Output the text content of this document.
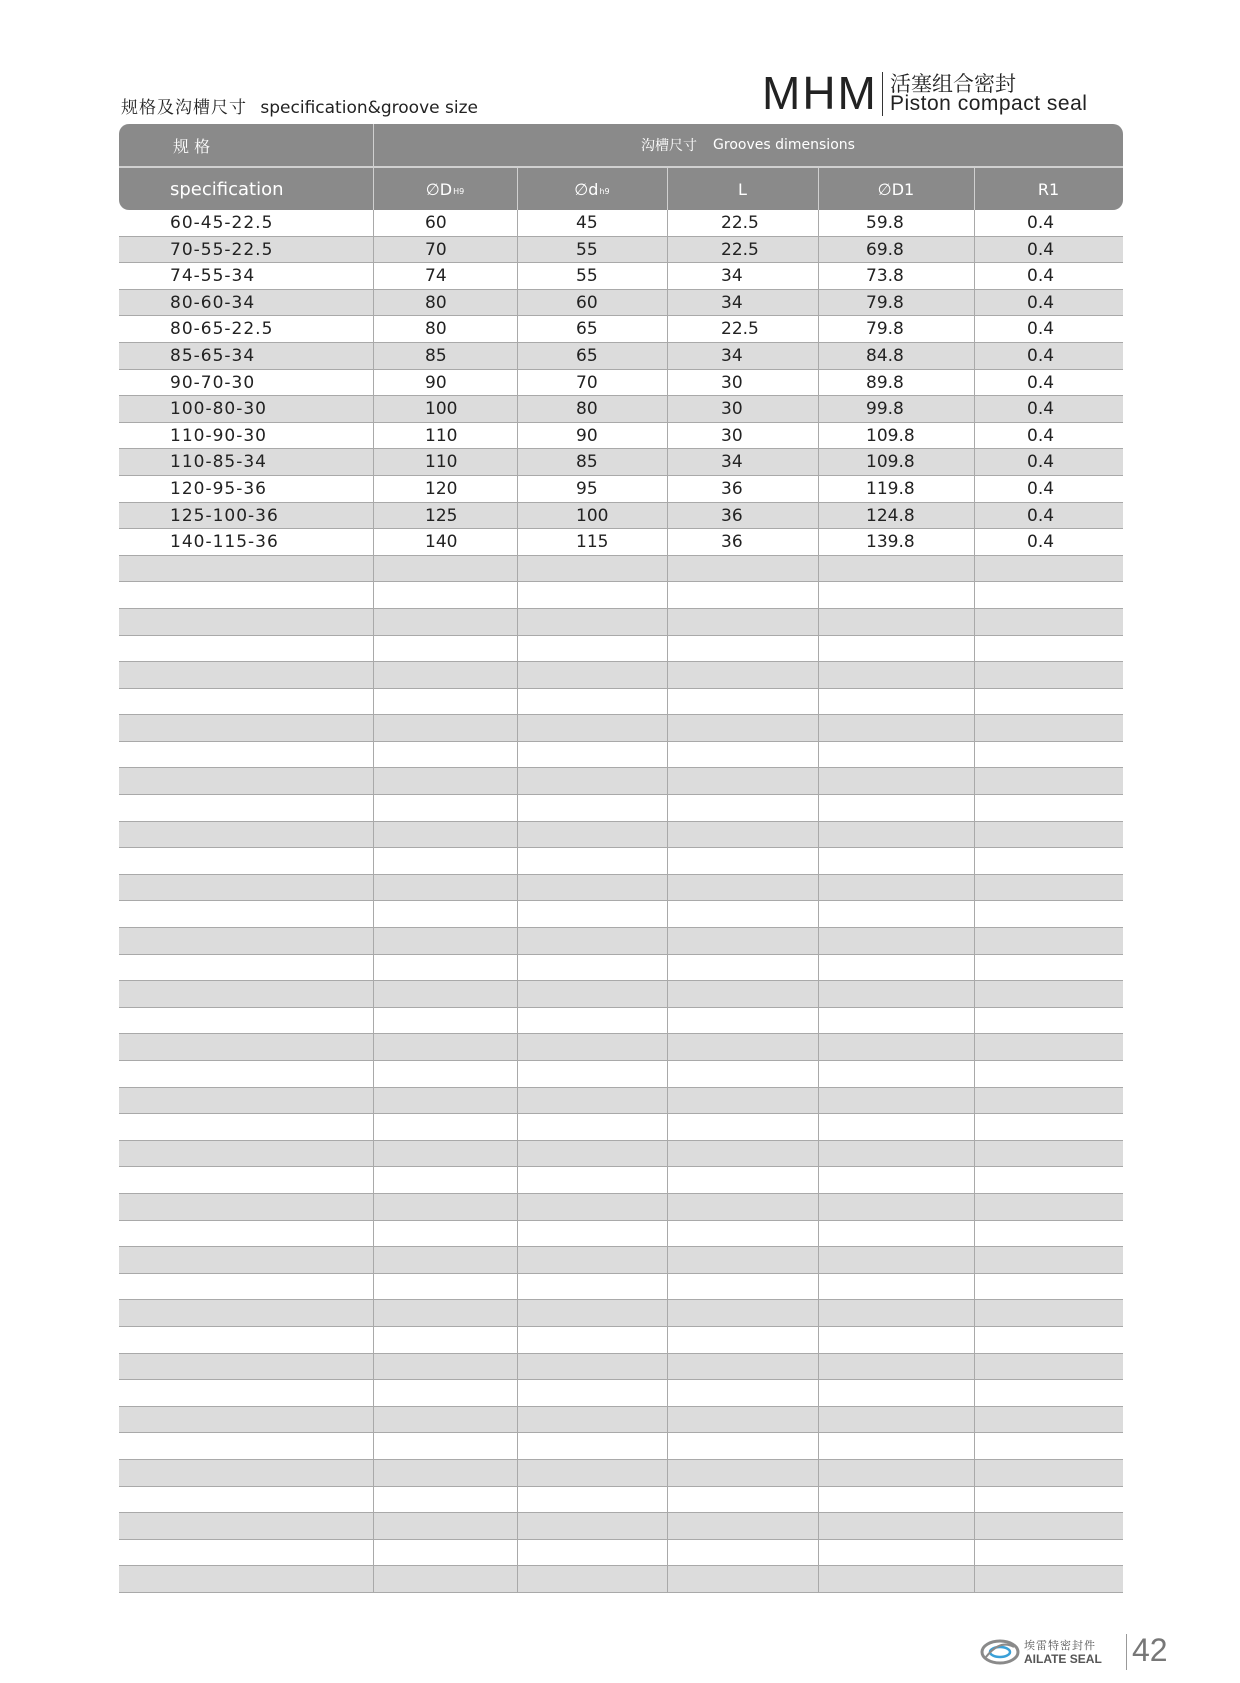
规格及沟槽尺寸 specification&groove size	MHM 活塞组合密封
Piston compact seal
规 格
specification
沟槽尺寸 Grooves dimensions
$\emptyset D_{H9}$	$\emptyset d_{h9}$	L	∅D1	R1
60-45-22.5	60	45	22.5	59.8	0.4
70-55-22.5	70	55	22.5	69.8	0.4
74-55-34	74	55	34	73.8	0.4
80-60-34	80	60	34	79.8	0.4
80-65-22.5	80	65	22.5	79.8	0.4
85-65-34	85	65	34	84.8	0.4
90-70-30	90	70	30	89.8	0.4
100-80-30	100	80	30	99.8	0.4
110-90-30	110	90	30	109.8	0.4
110-85-34	110	85	34	109.8	0.4
120-95-36	120	95	36	119.8	0.4
125-100-36	125	100	36	124.8	0.4
140-115-36	140	115	36	139.8	0.4
埃雷特密封件
AILATE SEAL 42
